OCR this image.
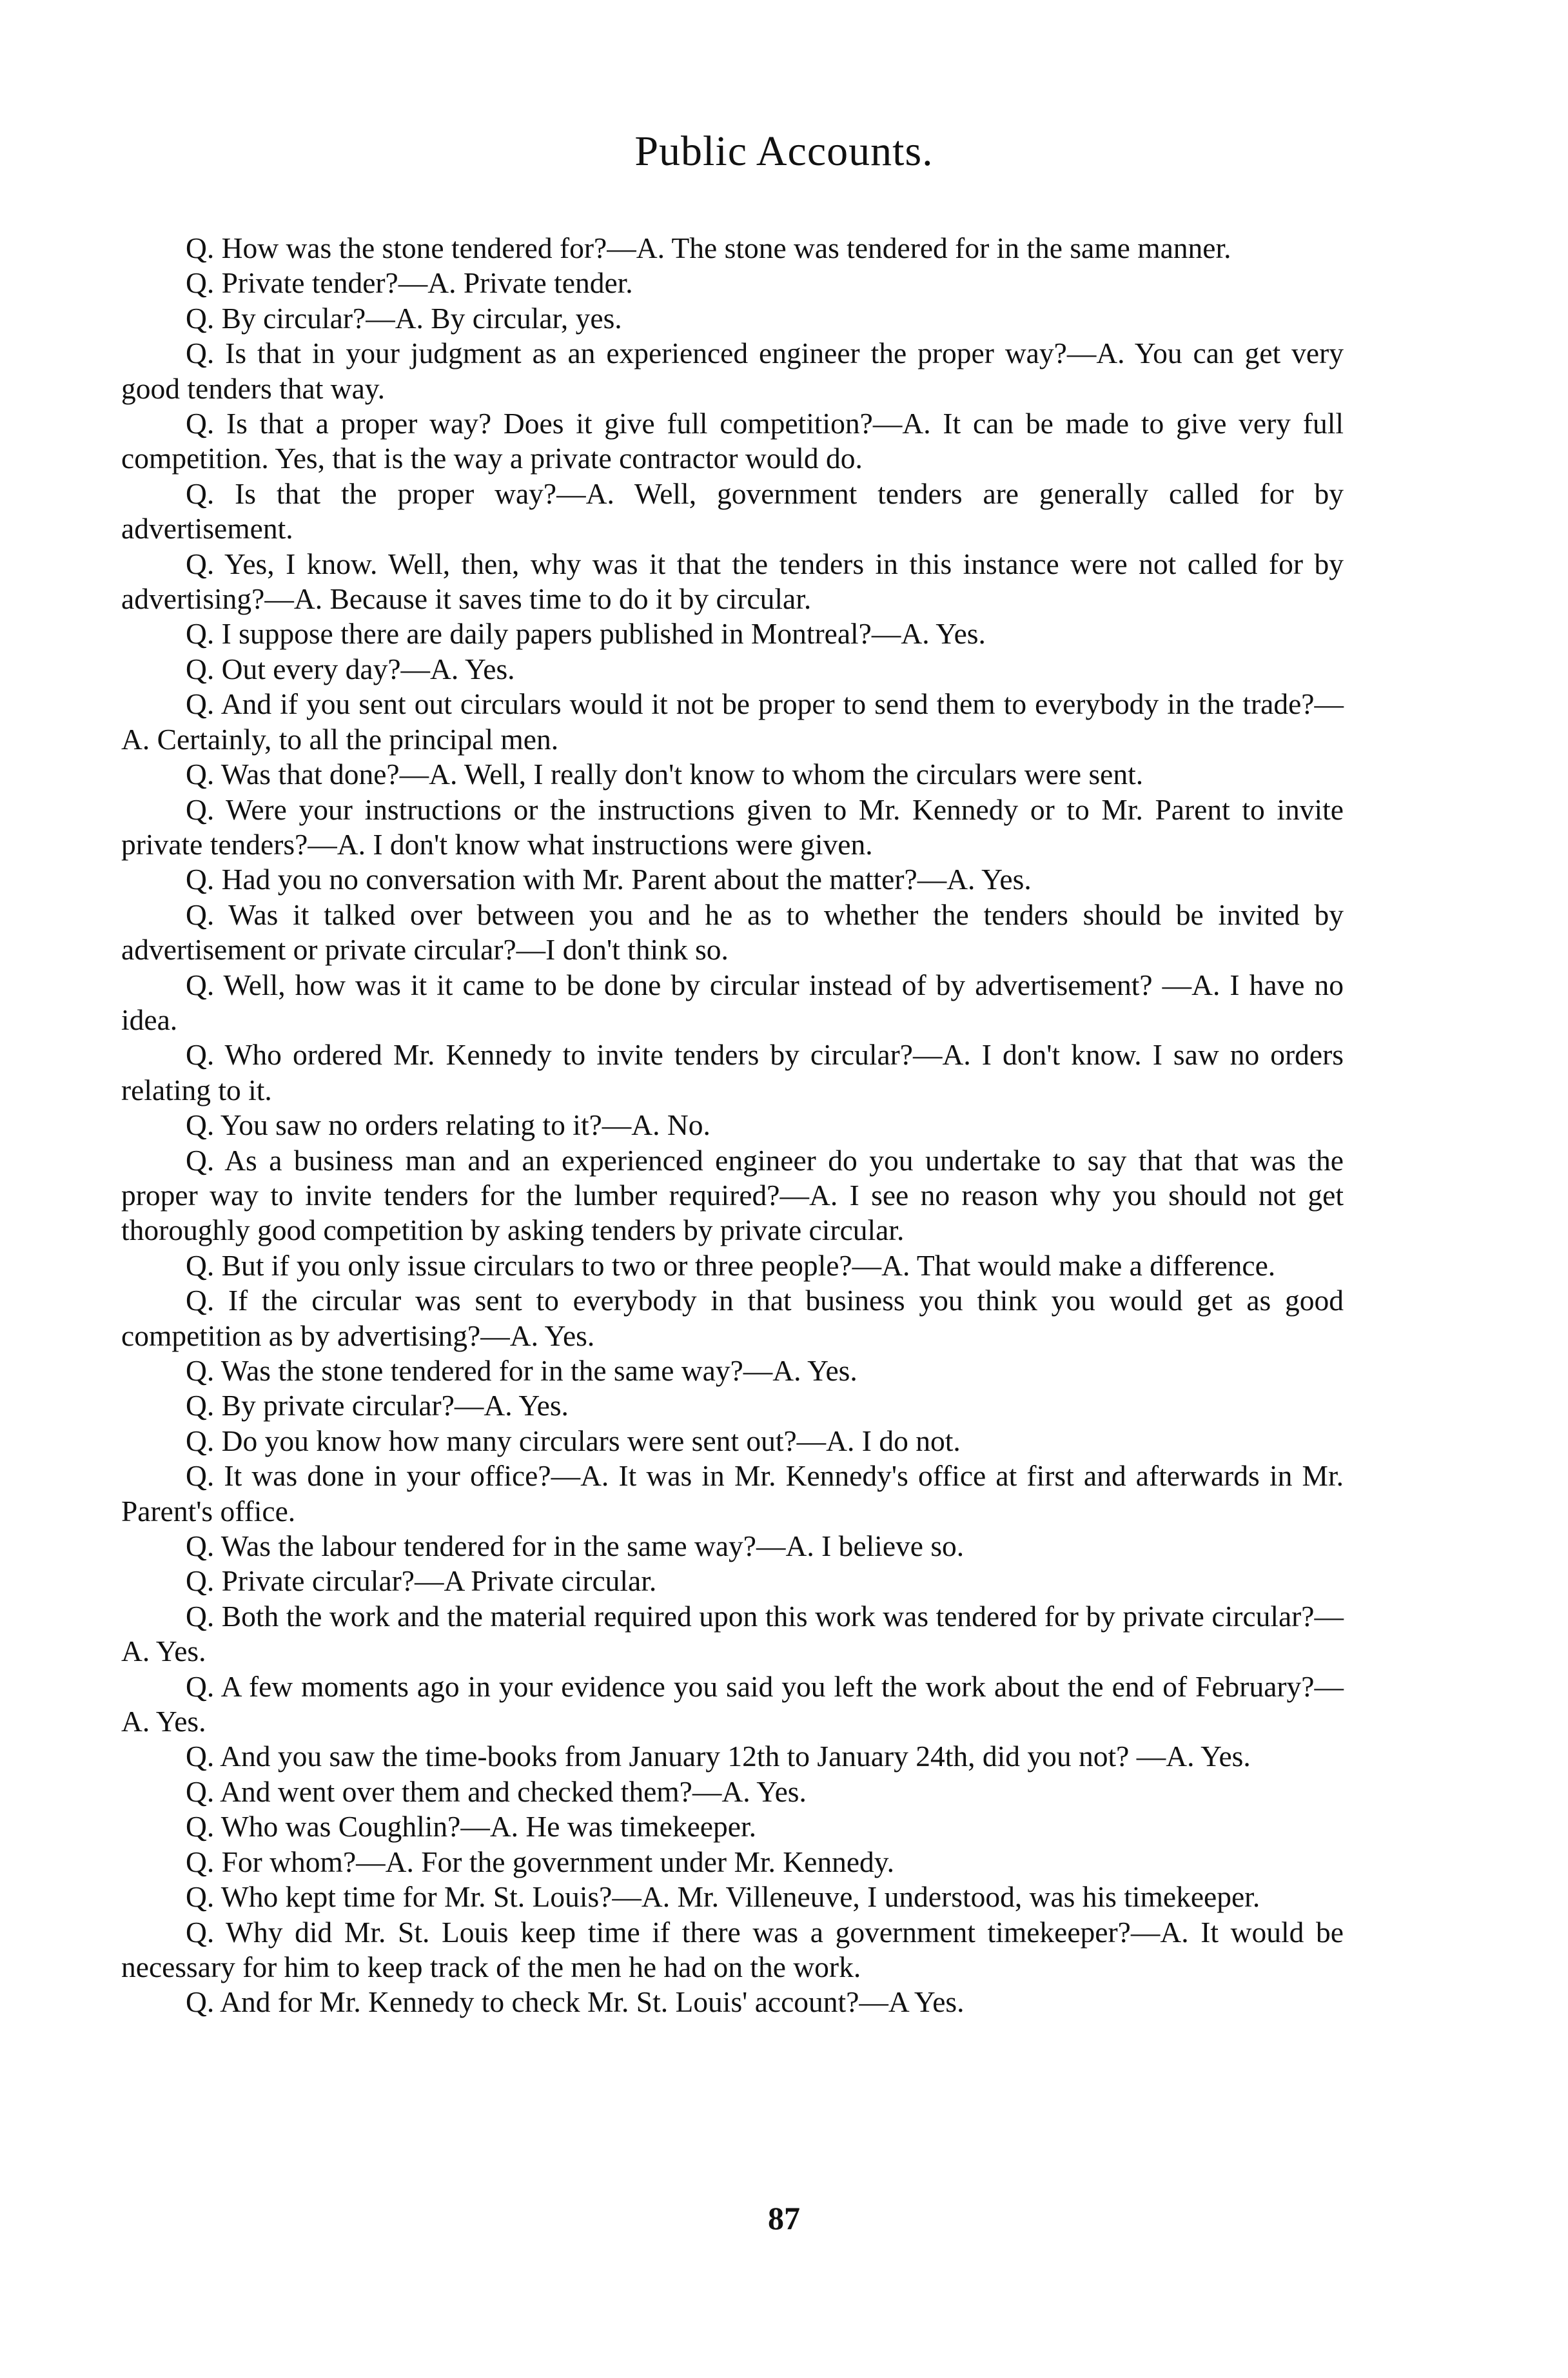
Public Accounts.

Q. How was the stone tendered for?—A. The stone was tendered for in the same manner.

Q. Private tender?—A. Private tender.

Q. By circular?—A. By circular, yes.

Q. Is that in your judgment as an experienced engineer the proper way?—A. You can get very good tenders that way.

Q. Is that a proper way? Does it give full competition?—A. It can be made to give very full competition. Yes, that is the way a private contractor would do.

Q. Is that the proper way?—A. Well, government tenders are generally called for by advertisement.

Q. Yes, I know. Well, then, why was it that the tenders in this instance were not called for by advertising?—A. Because it saves time to do it by circular.

Q. I suppose there are daily papers published in Montreal?—A. Yes.

Q. Out every day?—A. Yes.

Q. And if you sent out circulars would it not be proper to send them to everybody in the trade?—A. Certainly, to all the principal men.

Q. Was that done?—A. Well, I really don't know to whom the circulars were sent.

Q. Were your instructions or the instructions given to Mr. Kennedy or to Mr. Parent to invite private tenders?—A. I don't know what instructions were given.

Q. Had you no conversation with Mr. Parent about the matter?—A. Yes.

Q. Was it talked over between you and he as to whether the tenders should be invited by advertisement or private circular?—I don't think so.

Q. Well, how was it it came to be done by circular instead of by advertisement? —A. I have no idea.

Q. Who ordered Mr. Kennedy to invite tenders by circular?—A. I don't know. I saw no orders relating to it.

Q. You saw no orders relating to it?—A. No.

Q. As a business man and an experienced engineer do you undertake to say that that was the proper way to invite tenders for the lumber required?—A. I see no reason why you should not get thoroughly good competition by asking tenders by private circular.

Q. But if you only issue circulars to two or three people?—A. That would make a difference.

Q. If the circular was sent to everybody in that business you think you would get as good competition as by advertising?—A. Yes.

Q. Was the stone tendered for in the same way?—A. Yes.

Q. By private circular?—A. Yes.

Q. Do you know how many circulars were sent out?—A. I do not.

Q. It was done in your office?—A. It was in Mr. Kennedy's office at first and afterwards in Mr. Parent's office.

Q. Was the labour tendered for in the same way?—A. I believe so.

Q. Private circular?—A Private circular.

Q. Both the work and the material required upon this work was tendered for by private circular?—A. Yes.

Q. A few moments ago in your evidence you said you left the work about the end of February?—A. Yes.

Q. And you saw the time-books from January 12th to January 24th, did you not? —A. Yes.

Q. And went over them and checked them?—A. Yes.

Q. Who was Coughlin?—A. He was timekeeper.

Q. For whom?—A. For the government under Mr. Kennedy.

Q. Who kept time for Mr. St. Louis?—A. Mr. Villeneuve, I understood, was his timekeeper.

Q. Why did Mr. St. Louis keep time if there was a government timekeeper?—A. It would be necessary for him to keep track of the men he had on the work.

Q. And for Mr. Kennedy to check Mr. St. Louis' account?—A Yes.

87
